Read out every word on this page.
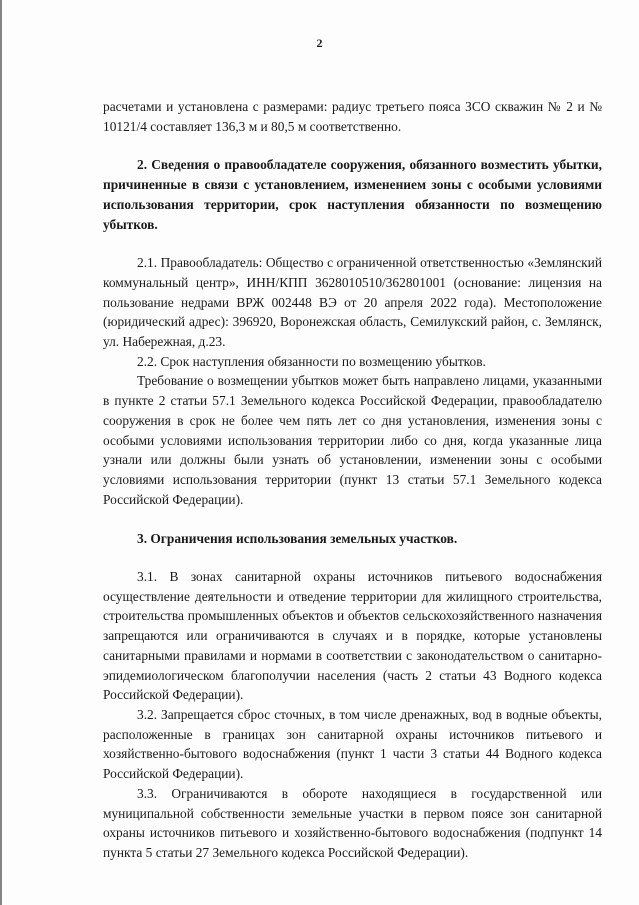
2

расчетами и установлена с размерами: радиус третьего пояса ЗСО скважин № 2 и № 10121/4 составляет 136,3 м и 80,5 м соответственно.

2. Сведения о правообладателе сооружения, обязанного возместить убытки, причиненные в связи с установлением, изменением зоны с особыми условиями использования территории, срок наступления обязанности по возмещению убытков.

2.1. Правообладатель: Общество с ограниченной ответственностью «Землянский коммунальный центр», ИНН/КПП 3628010510/362801001 (основание: лицензия на пользование недрами ВРЖ 002448 ВЭ от 20 апреля 2022 года). Местоположение (юридический адрес): 396920, Воронежская область, Семилукский район, с. Землянск, ул. Набережная, д.23.

2.2. Срок наступления обязанности по возмещению убытков.

Требование о возмещении убытков может быть направлено лицами, указанными в пункте 2 статьи 57.1 Земельного кодекса Российской Федерации, правообладателю сооружения в срок не более чем пять лет со дня установления, изменения зоны с особыми условиями использования территории либо со дня, когда указанные лица узнали или должны были узнать об установлении, изменении зоны с особыми условиями использования территории (пункт 13 статьи 57.1 Земельного кодекса Российской Федерации).

3. Ограничения использования земельных участков.

3.1. В зонах санитарной охраны источников питьевого водоснабжения осуществление деятельности и отведение территории для жилищного строительства, строительства промышленных объектов и объектов сельскохозяйственного назначения запрещаются или ограничиваются в случаях и в порядке, которые установлены санитарными правилами и нормами в соответствии с законодательством о санитарно-эпидемиологическом благополучии населения (часть 2 статьи 43 Водного кодекса Российской Федерации).

3.2. Запрещается сброс сточных, в том числе дренажных, вод в водные объекты, расположенные в границах зон санитарной охраны источников питьевого и хозяйственно-бытового водоснабжения (пункт 1 части 3 статьи 44 Водного кодекса Российской Федерации).

3.3. Ограничиваются в обороте находящиеся в государственной или муниципальной собственности земельные участки в первом поясе зон санитарной охраны источников питьевого и хозяйственно-бытового водоснабжения (подпункт 14 пункта 5 статьи 27 Земельного кодекса Российской Федерации).
